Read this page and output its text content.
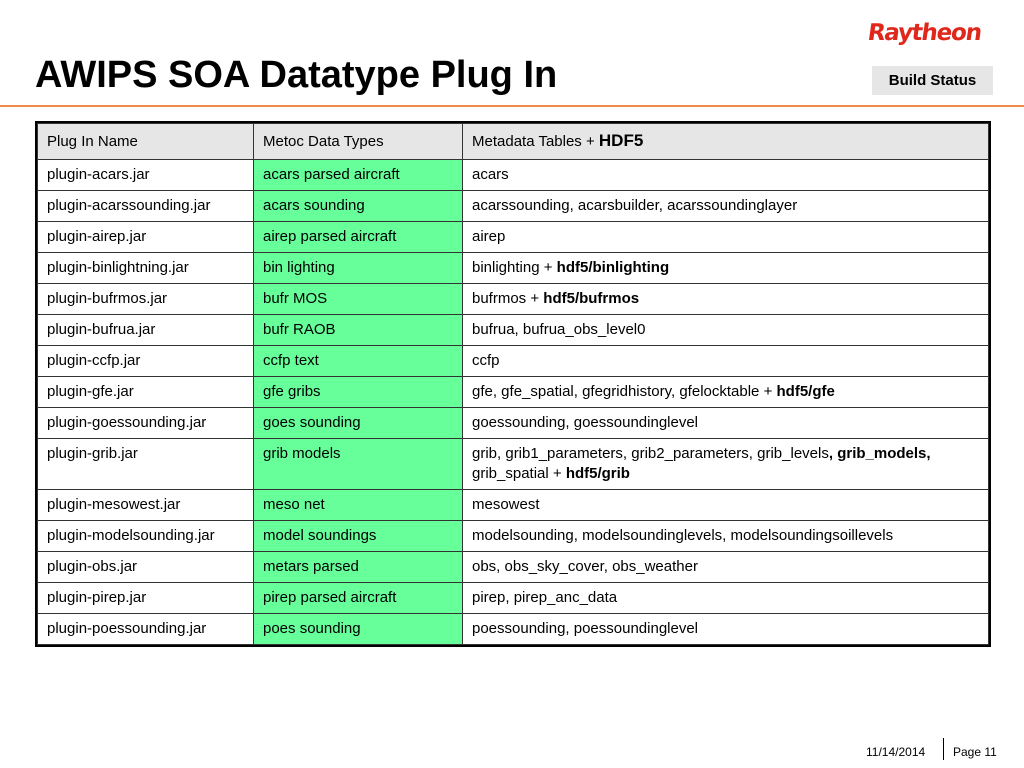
Raytheon
AWIPS SOA Datatype Plug In	Build Status
Plug In Name	Metoc Data Types	Metadata Tables + HDF5
plugin-acars.jar	acars parsed aircraft	acars
plugin-acarssounding.jar	acars sounding	acarssounding, acarsbuilder, acarssoundinglayer
plugin-airep.jar	airep parsed aircraft	airep
plugin-binlightning.jar	bin lighting	binlighting + hdf5/binlighting
plugin-bufrmos.jar	bufr MOS	bufrmos + hdf5/bufrmos
plugin-bufrua.jar	bufr RAOB	bufrua, bufrua_obs_level0
plugin-ccfp.jar	ccfp text	ccfp
plugin-gfe.jar	gfe gribs	gfe, gfe_spatial, gfegridhistory, gfelocktable + hdf5/gfe
plugin-goessounding.jar	goes sounding	goessounding, goessoundinglevel
plugin-grib.jar	grib models	grib, grib1_parameters, grib2_parameters, grib_levels, grib_models, grib_spatial + hdf5/grib
plugin-mesowest.jar	meso net	mesowest
plugin-modelsounding.jar	model soundings	modelsounding, modelsoundinglevels, modelsoundingsoillevels
plugin-obs.jar	metars parsed	obs, obs_sky_cover, obs_weather
plugin-pirep.jar	pirep parsed aircraft	pirep, pirep_anc_data
plugin-poessounding.jar	poes sounding	poessounding, poessoundinglevel
11/14/2014 Page 11
